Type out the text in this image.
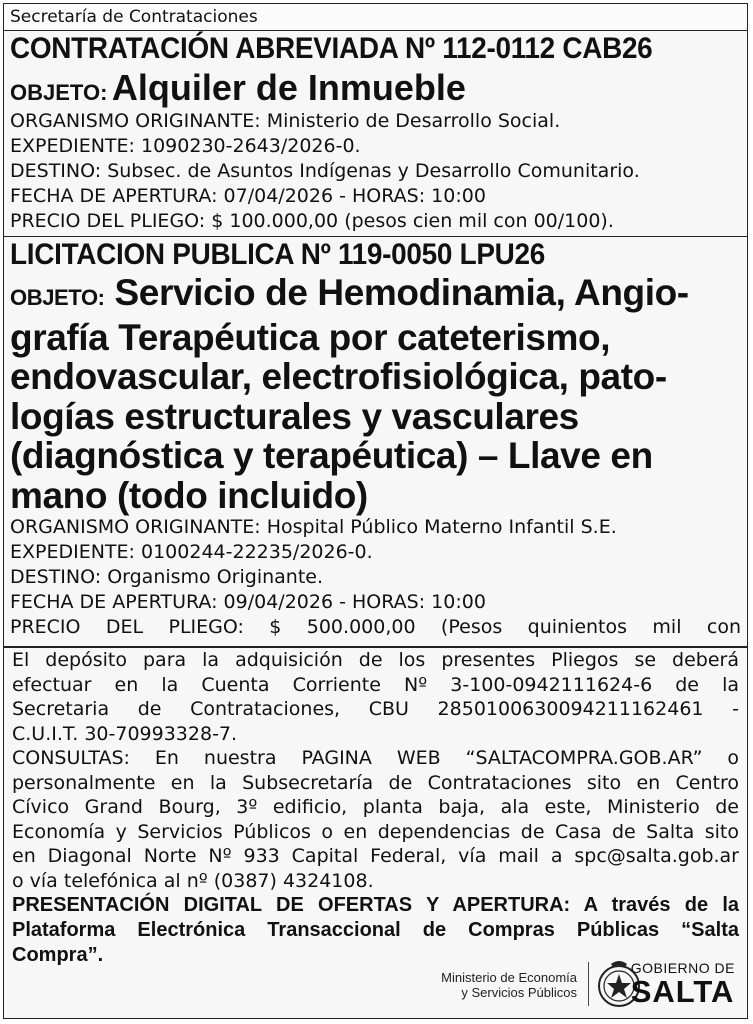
Secretaría de Contrataciones
CONTRATACIÓN ABREVIADA Nº 112-0112 CAB26
OBJETO: Alquiler de Inmueble
ORGANISMO ORIGINANTE: Ministerio de Desarrollo Social.
EXPEDIENTE: 1090230-2643/2026-0.
DESTINO: Subsec. de Asuntos Indígenas y Desarrollo Comunitario.
FECHA DE APERTURA: 07/04/2026 - HORAS: 10:00
PRECIO DEL PLIEGO: $ 100.000,00 (pesos cien mil con 00/100).
LICITACION PUBLICA Nº 119-0050 LPU26
OBJETO: Servicio de Hemodinamia, Angio-
grafía Terapéutica por cateterismo,
endovascular, electrofisiológica, pato-
logías estructurales y vasculares
(diagnóstica y terapéutica) – Llave en
mano (todo incluido)
ORGANISMO ORIGINANTE: Hospital Público Materno Infantil S.E.
EXPEDIENTE: 0100244-22235/2026-0.
DESTINO: Organismo Originante.
FECHA DE APERTURA: 09/04/2026 - HORAS: 10:00
PRECIO DEL PLIEGO: $ 500.000,00 (Pesos quinientos mil con
El depósito para la adquisición de los presentes Pliegos se deberá
efectuar en la Cuenta Corriente Nº 3-100-0942111624-6 de la
Secretaria de Contrataciones, CBU 2850100630094211162461 -
C.U.I.T. 30-70993328-7.
CONSULTAS: En nuestra PAGINA WEB “SALTACOMPRA.GOB.AR” o
personalmente en la Subsecretaría de Contrataciones sito en Centro
Cívico Grand Bourg, 3º edificio, planta baja, ala este, Ministerio de
Economía y Servicios Públicos o en dependencias de Casa de Salta sito
en Diagonal Norte Nº 933 Capital Federal, vía mail a spc@salta.gob.ar
o vía telefónica al nº (0387) 4324108.
PRESENTACIÓN DIGITAL DE OFERTAS Y APERTURA: A través de la
Plataforma Electrónica Transaccional de Compras Públicas “Salta
Compra”.
Ministerio de Economía
y Servicios Públicos
GOBIERNO DE
SALTA
